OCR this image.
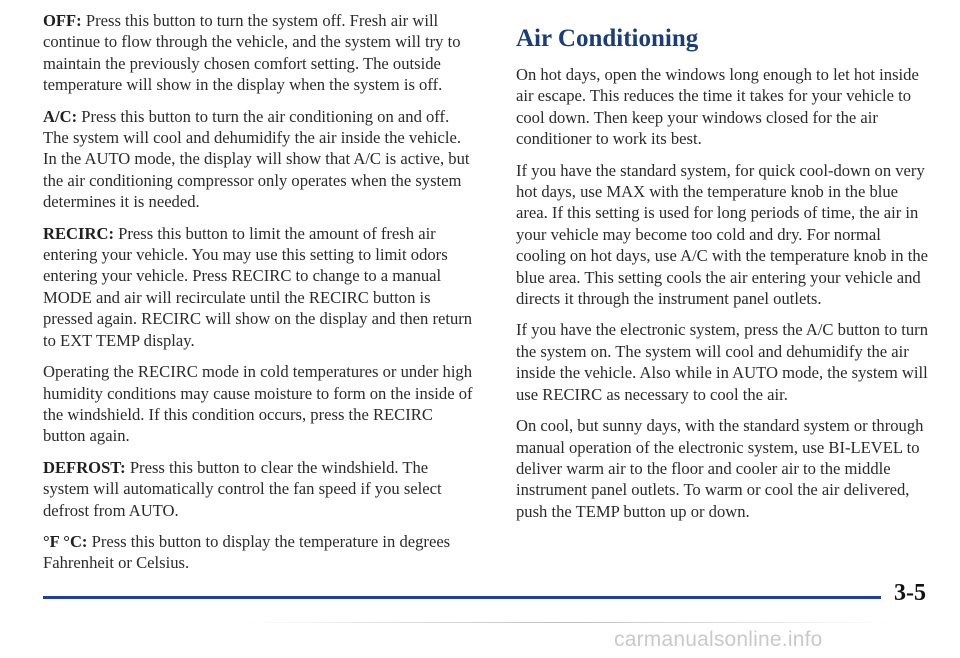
OFF: Press this button to turn the system off. Fresh air will continue to flow through the vehicle, and the system will try to maintain the previously chosen comfort setting. The outside temperature will show in the display when the system is off.

A/C: Press this button to turn the air conditioning on and off. The system will cool and dehumidify the air inside the vehicle. In the AUTO mode, the display will show that A/C is active, but the air conditioning compressor only operates when the system determines it is needed.

RECIRC: Press this button to limit the amount of fresh air entering your vehicle. You may use this setting to limit odors entering your vehicle. Press RECIRC to change to a manual MODE and air will recirculate until the RECIRC button is pressed again. RECIRC will show on the display and then return to EXT TEMP display.

Operating the RECIRC mode in cold temperatures or under high humidity conditions may cause moisture to form on the inside of the windshield. If this condition occurs, press the RECIRC button again.

DEFROST: Press this button to clear the windshield. The system will automatically control the fan speed if you select defrost from AUTO.

°F °C: Press this button to display the temperature in degrees Fahrenheit or Celsius.

Air Conditioning

On hot days, open the windows long enough to let hot inside air escape. This reduces the time it takes for your vehicle to cool down. Then keep your windows closed for the air conditioner to work its best.

If you have the standard system, for quick cool-down on very hot days, use MAX with the temperature knob in the blue area. If this setting is used for long periods of time, the air in your vehicle may become too cold and dry. For normal cooling on hot days, use A/C with the temperature knob in the blue area. This setting cools the air entering your vehicle and directs it through the instrument panel outlets.

If you have the electronic system, press the A/C button to turn the system on. The system will cool and dehumidify the air inside the vehicle. Also while in AUTO mode, the system will use RECIRC as necessary to cool the air.

On cool, but sunny days, with the standard system or through manual operation of the electronic system, use BI-LEVEL to deliver warm air to the floor and cooler air to the middle instrument panel outlets. To warm or cool the air delivered, push the TEMP button up or down.

3-5
carmanualsonline.info
